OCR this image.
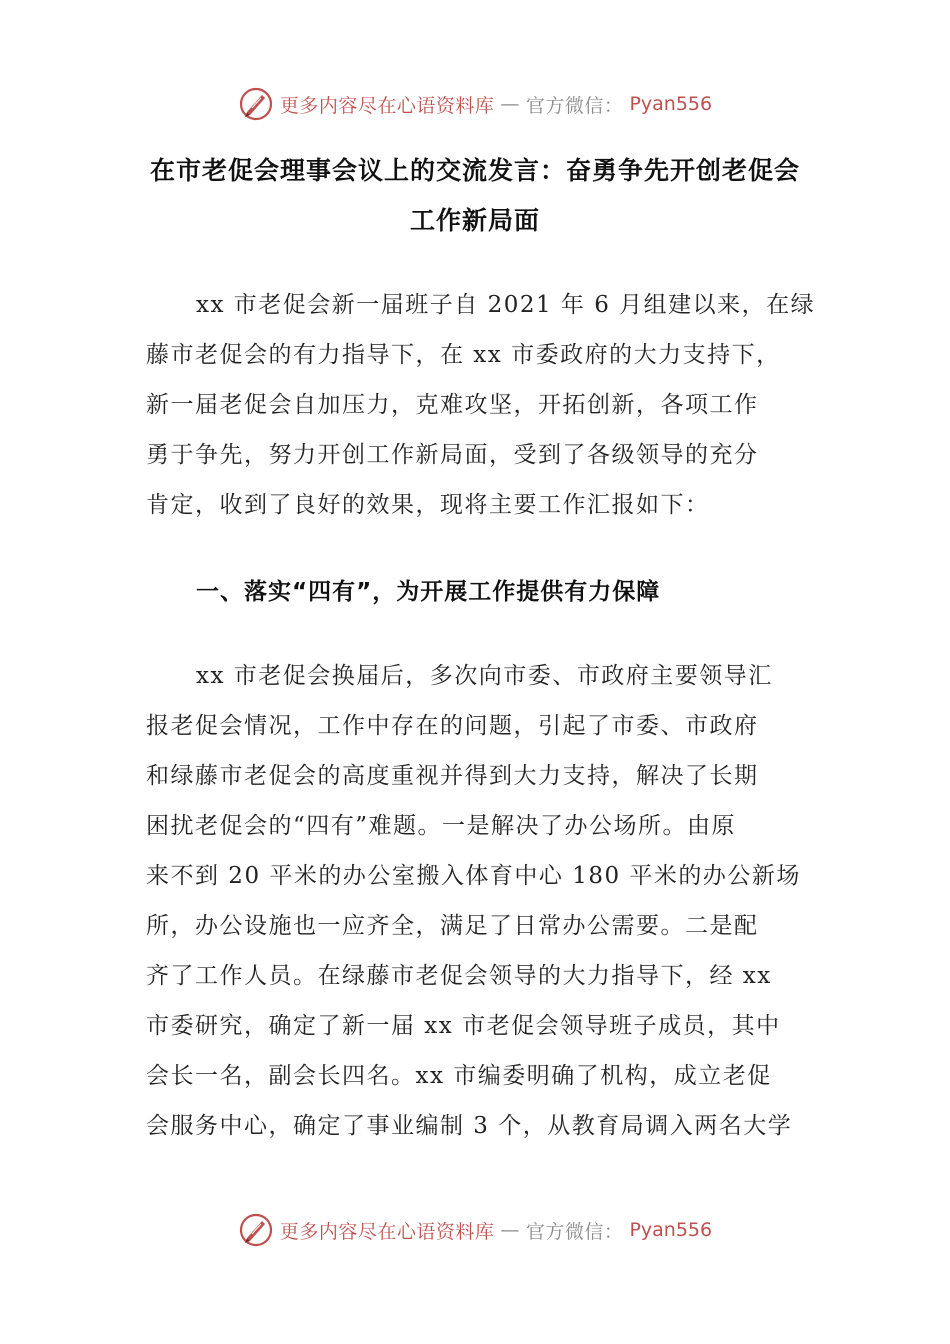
更多内容尽在心语资料库 — 官方微信： Pyan556
在市老促会理事会议上的交流发言：奋勇争先开创老促会
工作新局面
xx 市老促会新一届班子自 2021 年 6 月组建以来，在绿
藤市老促会的有力指导下，在 xx 市委政府的大力支持下，
新一届老促会自加压力，克难攻坚，开拓创新，各项工作
勇于争先，努力开创工作新局面，受到了各级领导的充分
肯定，收到了良好的效果，现将主要工作汇报如下：
一、落实“四有”，为开展工作提供有力保障
xx 市老促会换届后，多次向市委、市政府主要领导汇
报老促会情况，工作中存在的问题，引起了市委、市政府
和绿藤市老促会的高度重视并得到大力支持，解决了长期
困扰老促会的“四有”难题。一是解决了办公场所。由原
来不到 20 平米的办公室搬入体育中心 180 平米的办公新场
所，办公设施也一应齐全，满足了日常办公需要。二是配
齐了工作人员。在绿藤市老促会领导的大力指导下，经 xx
市委研究，确定了新一届 xx 市老促会领导班子成员，其中
会长一名，副会长四名。xx 市编委明确了机构，成立老促
会服务中心，确定了事业编制 3 个，从教育局调入两名大学
更多内容尽在心语资料库 — 官方微信： Pyan556
